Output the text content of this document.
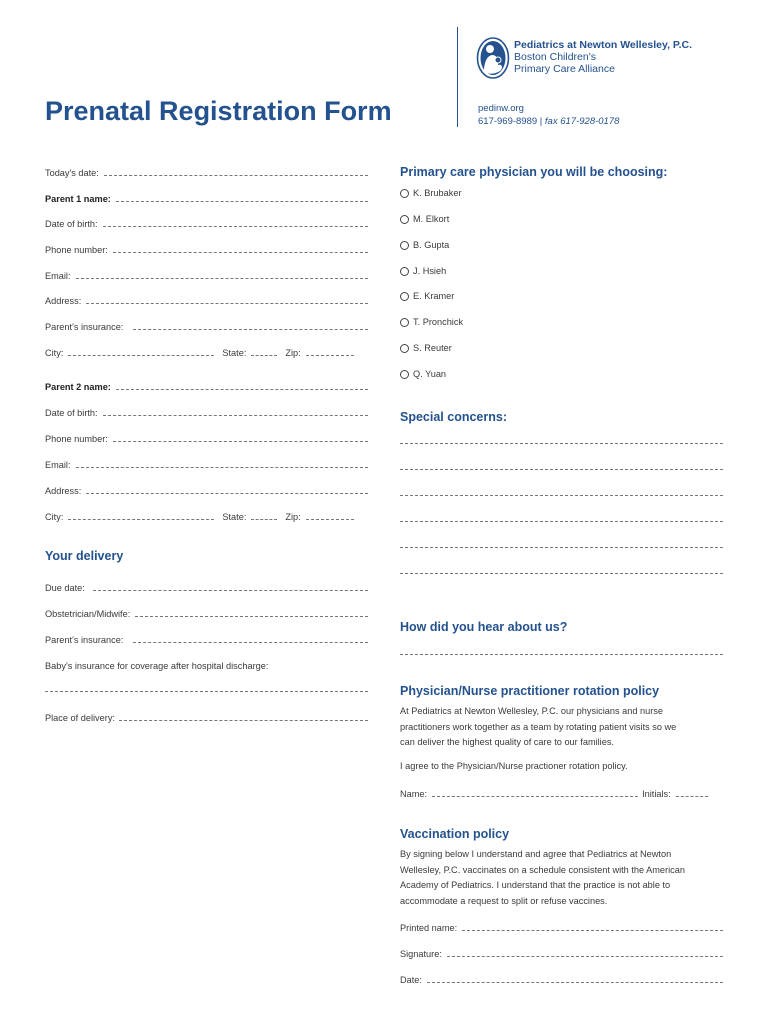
Prenatal Registration Form
Pediatrics at Newton Wellesley, P.C.
Boston Children's
Primary Care Alliance
pedinw.org
617-969-8989 | fax 617-928-0178
Today's date:
Parent 1 name:
Date of birth:
Phone number:
Email:
Address:
Parent's insurance:
City:	State:	Zip:
Parent 2 name:
Date of birth:
Phone number:
Email:
Address:
City:	State:	Zip:
Your delivery
Due date:
Obstetrician/Midwife:
Parent's insurance:
Baby's insurance for coverage after hospital discharge:
Place of delivery:
Primary care physician you will be choosing:
K. Brubaker
M. Elkort
B. Gupta
J. Hsieh
E. Kramer
T. Pronchick
S. Reuter
Q. Yuan
Special concerns:
How did you hear about us?
Physician/Nurse practitioner rotation policy
At Pediatrics at Newton Wellesley, P.C. our physicians and nurse
practitioners work together as a team by rotating patient visits so we
can deliver the highest quality of care to our families.
I agree to the Physician/Nurse practioner rotation policy.
Name:	Initials:
Vaccination policy
By signing below I understand and agree that Pediatrics at Newton
Wellesley, P.C. vaccinates on a schedule consistent with the American
Academy of Pediatrics. I understand that the practice is not able to
accommodate a request to split or refuse vaccines.
Printed name:
Signature:
Date:
